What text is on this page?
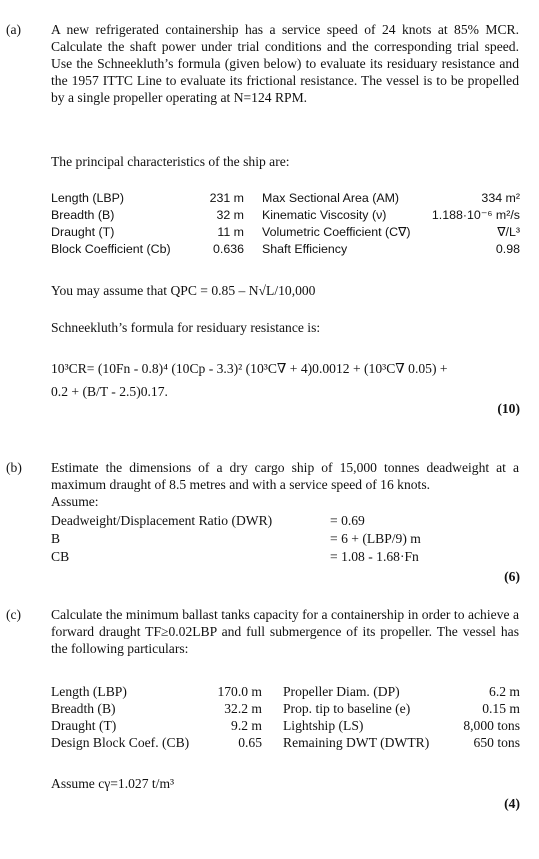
(a) A new refrigerated containership has a service speed of 24 knots at 85% MCR. Calculate the shaft power under trial conditions and the corresponding trial speed. Use the Schneekluth’s formula (given below) to evaluate its residuary resistance and the 1957 ITTC Line to evaluate its frictional resistance. The vessel is to be propelled by a single propeller operating at N=124 RPM.
The principal characteristics of the ship are:
Length (LBP)	231 m Max Sectional Area (AM)	334 m²
Breadth (B)	32 m Kinematic Viscosity (ν)	1.188·10⁻⁶ m²/s
Draught (T)	11 m Volumetric Coefficient (C∇)	∇/L³
Block Coefficient (Cb)	0.636 Shaft Efficiency	0.98
You may assume that QPC = 0.85 – N√L/10,000
Schneekluth’s formula for residuary resistance is:
10³CR= (10Fn - 0.8)⁴ (10Cp - 3.3)² (10³C∇ + 4)0.0012 + (10³C∇ 0.05) +
0.2 + (B/T - 2.5)0.17.
(10)
(b) Estimate the dimensions of a dry cargo ship of 15,000 tonnes deadweight at a maximum draught of 8.5 metres and with a service speed of 16 knots.
Assume:
Deadweight/Displacement Ratio (DWR)	= 0.69
B	= 6 + (LBP/9) m
CB	= 1.08 - 1.68·Fn
(6)
(c) Calculate the minimum ballast tanks capacity for a containership in order to achieve a forward draught TF≥0.02LBP and full submergence of its propeller. The vessel has the following particulars:
Length (LBP)	170.0 m Propeller Diam. (DP)	6.2 m
Breadth (B)	32.2 m Prop. tip to baseline (e)	0.15 m
Draught (T)	9.2 m Lightship (LS)	8,000 tons
Design Block Coef. (CB)	0.65 Remaining DWT (DWTR)	650 tons
Assume cγ=1.027 t/m³
(4)
